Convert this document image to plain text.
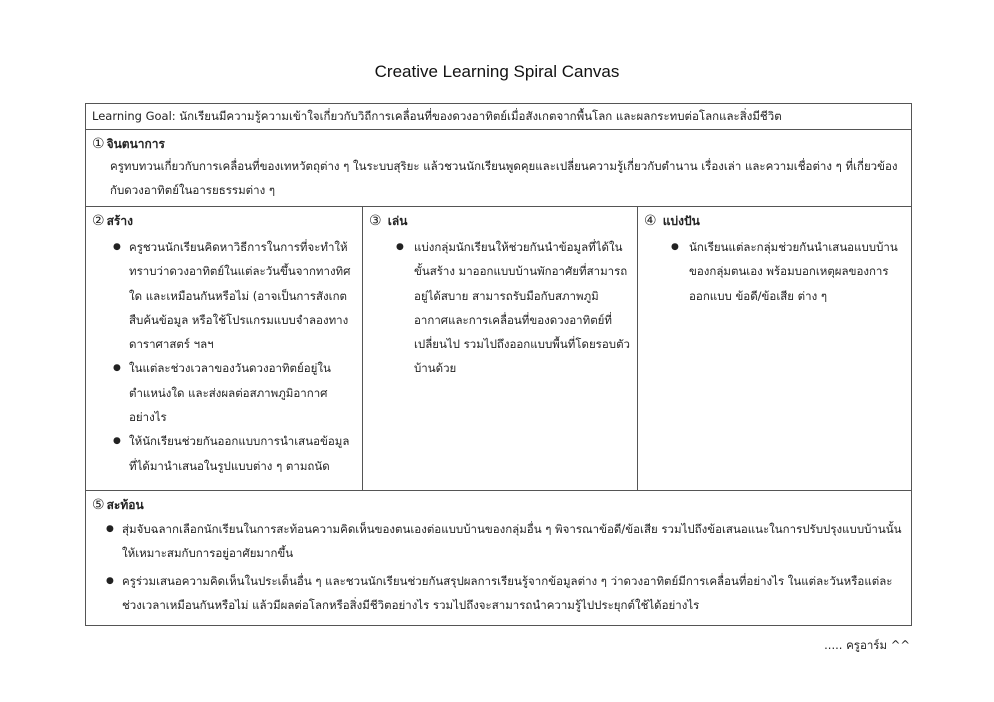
Creative Learning Spiral Canvas
Learning Goal: นักเรียนมีความรู้ความเข้าใจเกี่ยวกับวิถีการเคลื่อนที่ของดวงอาทิตย์เมื่อสังเกตจากพื้นโลก และผลกระทบต่อโลกและสิ่งมีชีวิต
① จินตนาการ
ครูทบทวนเกี่ยวกับการเคลื่อนที่ของเทหวัตถุต่าง ๆ ในระบบสุริยะ แล้วชวนนักเรียนพูดคุยและเปลี่ยนความรู้เกี่ยวกับตำนาน เรื่องเล่า และความเชื่อต่าง ๆ ที่เกี่ยวข้องกับดวงอาทิตย์ในอารยธรรมต่าง ๆ
② สร้าง
● ครูชวนนักเรียนคิดหาวิธีการในการที่จะทำให้ทราบว่าดวงอาทิตย์ในแต่ละวันขึ้นจากทางทิศใด และเหมือนกันหรือไม่ (อาจเป็นการสังเกต สืบค้นข้อมูล หรือใช้โปรแกรมแบบจำลองทางดาราศาสตร์ ฯลฯ
● ในแต่ละช่วงเวลาของวันดวงอาทิตย์อยู่ในตำแหน่งใด และส่งผลต่อสภาพภูมิอากาศอย่างไร
● ให้นักเรียนช่วยกันออกแบบการนำเสนอข้อมูลที่ได้มานำเสนอในรูปแบบต่าง ๆ ตามถนัด
③ เล่น
● แบ่งกลุ่มนักเรียนให้ช่วยกันนำข้อมูลที่ได้ในขั้นสร้าง มาออกแบบบ้านพักอาศัยที่สามารถอยู่ได้สบาย สามารถรับมือกับสภาพภูมิอากาศและการเคลื่อนที่ของดวงอาทิตย์ที่เปลี่ยนไป รวมไปถึงออกแบบพื้นที่โดยรอบตัวบ้านด้วย
④ แบ่งปัน
● นักเรียนแต่ละกลุ่มช่วยกันนำเสนอแบบบ้านของกลุ่มตนเอง พร้อมบอกเหตุผลของการออกแบบ ข้อดี/ข้อเสีย ต่าง ๆ
⑤ สะท้อน
● สุ่มจับฉลากเลือกนักเรียนในการสะท้อนความคิดเห็นของตนเองต่อแบบบ้านของกลุ่มอื่น ๆ พิจารณาข้อดี/ข้อเสีย รวมไปถึงข้อเสนอแนะในการปรับปรุงแบบบ้านนั้นให้เหมาะสมกับการอยู่อาศัยมากขึ้น
● ครูร่วมเสนอความคิดเห็นในประเด็นอื่น ๆ และชวนนักเรียนช่วยกันสรุปผลการเรียนรู้จากข้อมูลต่าง ๆ ว่าดวงอาทิตย์มีการเคลื่อนที่อย่างไร ในแต่ละวันหรือแต่ละช่วงเวลาเหมือนกันหรือไม่ แล้วมีผลต่อโลกหรือสิ่งมีชีวิตอย่างไร รวมไปถึงจะสามารถนำความรู้ไปประยุกต์ใช้ได้อย่างไร
..... ครูอาร์ม ^^
